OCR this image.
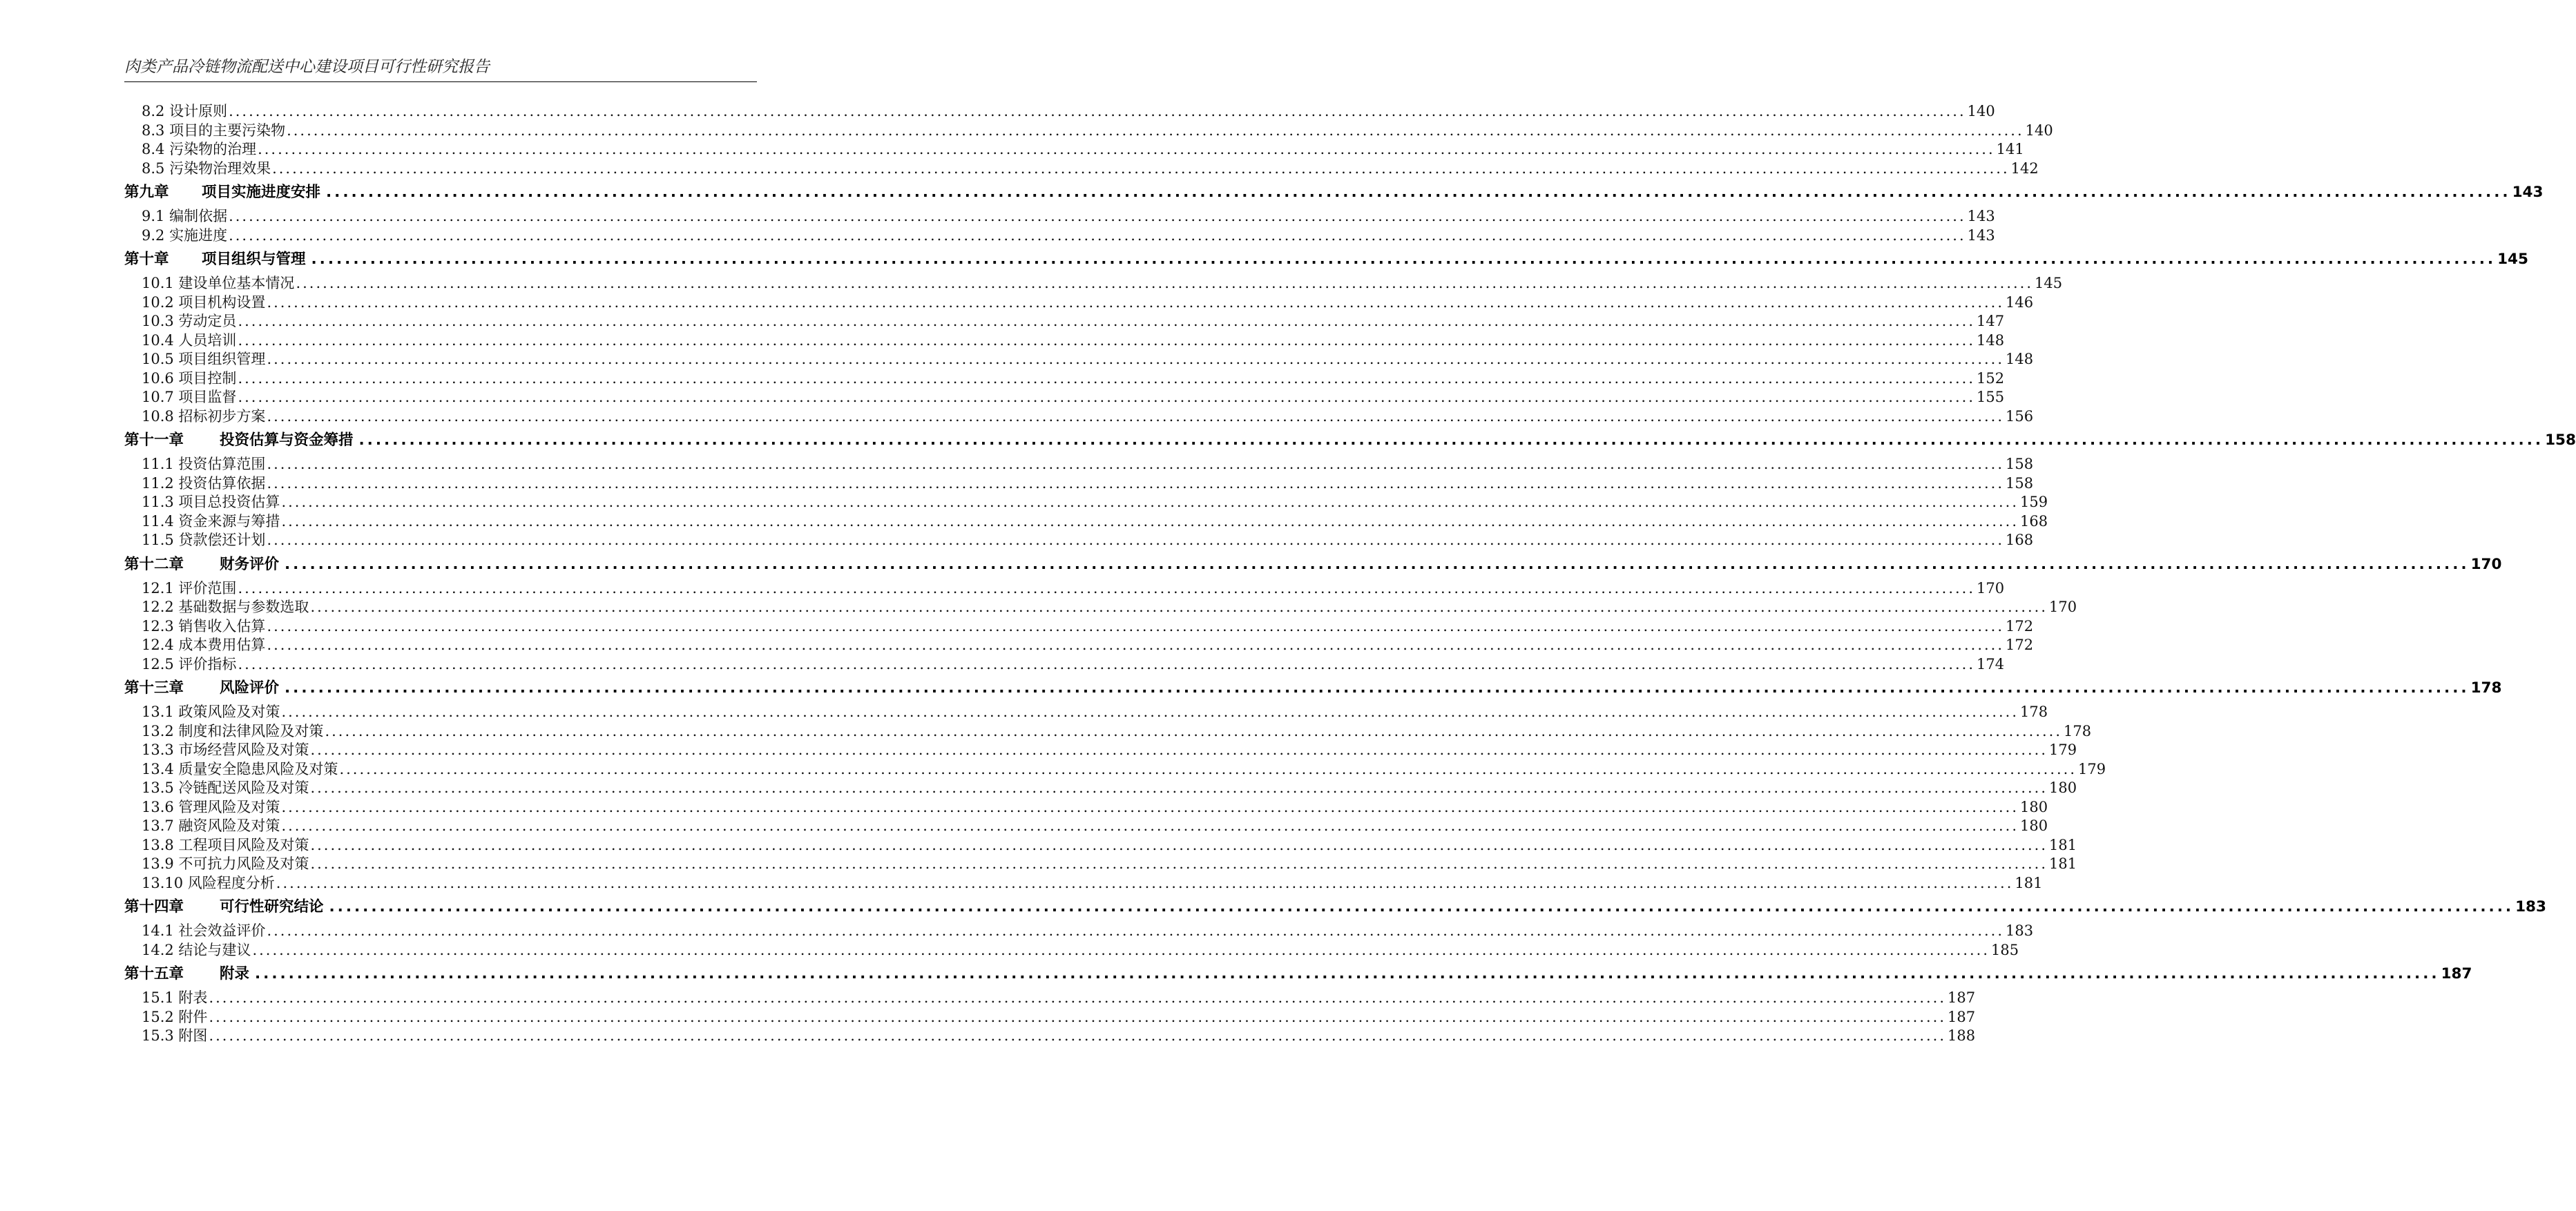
肉类产品冷链物流配送中心建设项目可行性研究报告
8.2 设计原则 .................................................................................................................................................................................................................................................................... 140
8.3 项目的主要污染物 .................................................................................................................................................................................................................................................................... 140
8.4 污染物的治理 .................................................................................................................................................................................................................................................................... 141
8.5 污染物治理效果 .................................................................................................................................................................................................................................................................... 142
第九章 项目实施进度安排 .................................................................................................................................................................................................................................................................... 143
9.1 编制依据 .................................................................................................................................................................................................................................................................... 143
9.2 实施进度 .................................................................................................................................................................................................................................................................... 143
第十章 项目组织与管理 .................................................................................................................................................................................................................................................................... 145
10.1 建设单位基本情况 .................................................................................................................................................................................................................................................................... 145
10.2 项目机构设置 .................................................................................................................................................................................................................................................................... 146
10.3 劳动定员 .................................................................................................................................................................................................................................................................... 147
10.4 人员培训 .................................................................................................................................................................................................................................................................... 148
10.5 项目组织管理 .................................................................................................................................................................................................................................................................... 148
10.6 项目控制 .................................................................................................................................................................................................................................................................... 152
10.7 项目监督 .................................................................................................................................................................................................................................................................... 155
10.8 招标初步方案 .................................................................................................................................................................................................................................................................... 156
第十一章 投资估算与资金筹措 .................................................................................................................................................................................................................................................................... 158
11.1 投资估算范围 .................................................................................................................................................................................................................................................................... 158
11.2 投资估算依据 .................................................................................................................................................................................................................................................................... 158
11.3 项目总投资估算 .................................................................................................................................................................................................................................................................... 159
11.4 资金来源与筹措 .................................................................................................................................................................................................................................................................... 168
11.5 贷款偿还计划 .................................................................................................................................................................................................................................................................... 168
第十二章 财务评价 .................................................................................................................................................................................................................................................................... 170
12.1 评价范围 .................................................................................................................................................................................................................................................................... 170
12.2 基础数据与参数选取 .................................................................................................................................................................................................................................................................... 170
12.3 销售收入估算 .................................................................................................................................................................................................................................................................... 172
12.4 成本费用估算 .................................................................................................................................................................................................................................................................... 172
12.5 评价指标 .................................................................................................................................................................................................................................................................... 174
第十三章 风险评价 .................................................................................................................................................................................................................................................................... 178
13.1 政策风险及对策 .................................................................................................................................................................................................................................................................... 178
13.2 制度和法律风险及对策 .................................................................................................................................................................................................................................................................... 178
13.3 市场经营风险及对策 .................................................................................................................................................................................................................................................................... 179
13.4 质量安全隐患风险及对策 .................................................................................................................................................................................................................................................................... 179
13.5 冷链配送风险及对策 .................................................................................................................................................................................................................................................................... 180
13.6 管理风险及对策 .................................................................................................................................................................................................................................................................... 180
13.7 融资风险及对策 .................................................................................................................................................................................................................................................................... 180
13.8 工程项目风险及对策 .................................................................................................................................................................................................................................................................... 181
13.9 不可抗力风险及对策 .................................................................................................................................................................................................................................................................... 181
13.10 风险程度分析 .................................................................................................................................................................................................................................................................... 181
第十四章 可行性研究结论 .................................................................................................................................................................................................................................................................... 183
14.1 社会效益评价 .................................................................................................................................................................................................................................................................... 183
14.2 结论与建议 .................................................................................................................................................................................................................................................................... 185
第十五章 附录 .................................................................................................................................................................................................................................................................... 187
15.1 附表 .................................................................................................................................................................................................................................................................... 187
15.2 附件 .................................................................................................................................................................................................................................................................... 187
15.3 附图 .................................................................................................................................................................................................................................................................... 188
